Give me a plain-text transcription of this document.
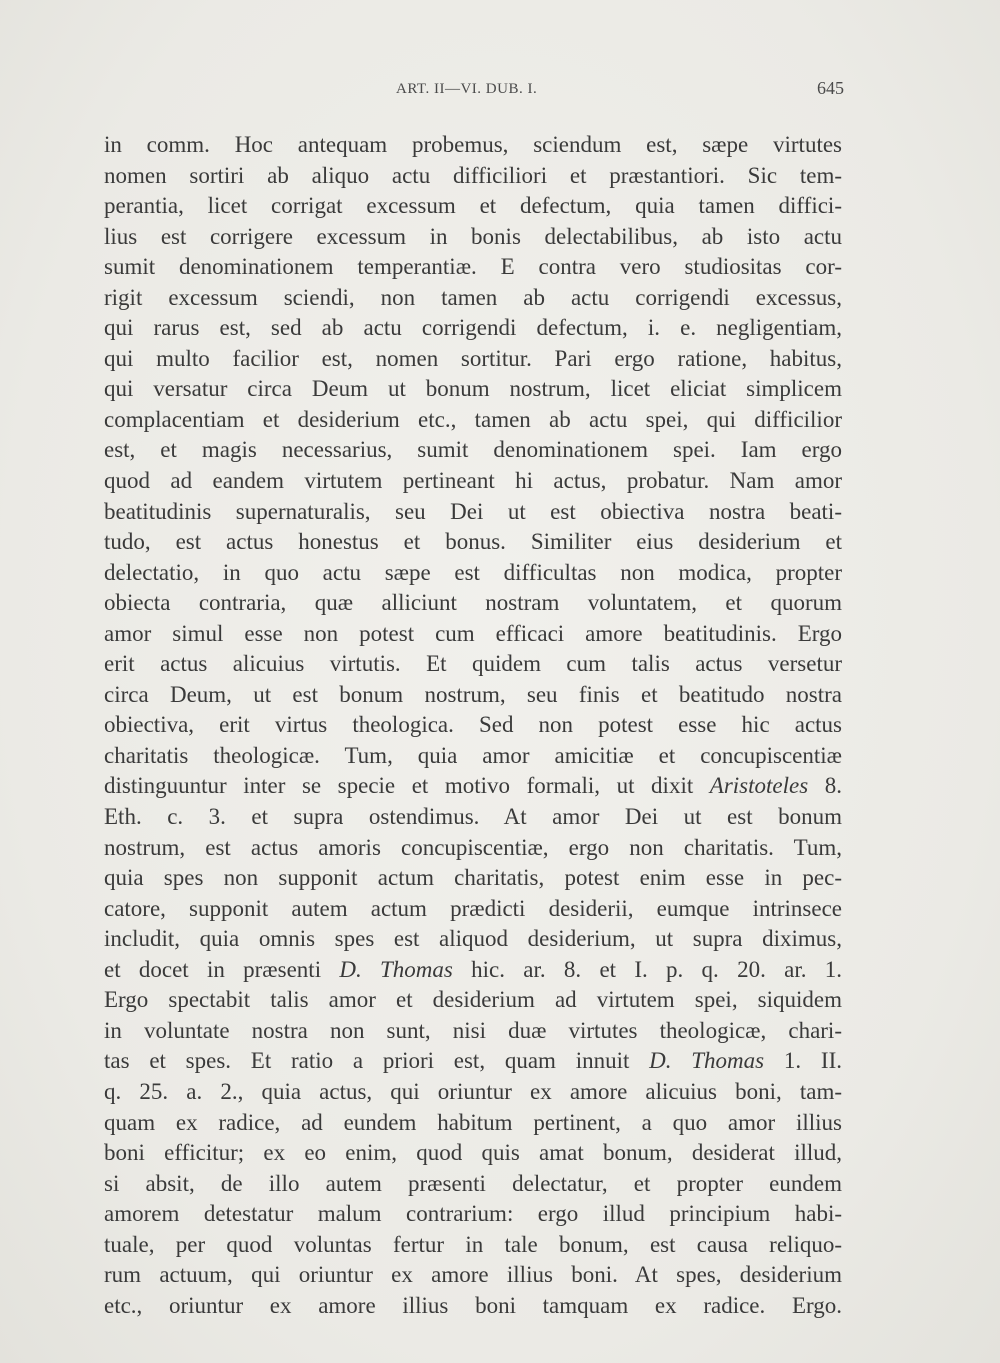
ART. II—VI. DUB. I.	645
in comm. Hoc antequam probemus, sciendum est, sæpe virtutes
nomen sortiri ab aliquo actu difficiliori et præstantiori. Sic tem-
perantia, licet corrigat excessum et defectum, quia tamen diffici-
lius est corrigere excessum in bonis delectabilibus, ab isto actu
sumit denominationem temperantiæ. E contra vero studiositas cor-
rigit excessum sciendi, non tamen ab actu corrigendi excessus,
qui rarus est, sed ab actu corrigendi defectum, i. e. negligentiam,
qui multo facilior est, nomen sortitur. Pari ergo ratione, habitus,
qui versatur circa Deum ut bonum nostrum, licet eliciat simplicem
complacentiam et desiderium etc., tamen ab actu spei, qui difficilior
est, et magis necessarius, sumit denominationem spei. Iam ergo
quod ad eandem virtutem pertineant hi actus, probatur. Nam amor
beatitudinis supernaturalis, seu Dei ut est obiectiva nostra beati-
tudo, est actus honestus et bonus. Similiter eius desiderium et
delectatio, in quo actu sæpe est difficultas non modica, propter
obiecta contraria, quæ alliciunt nostram voluntatem, et quorum
amor simul esse non potest cum efficaci amore beatitudinis. Ergo
erit actus alicuius virtutis. Et quidem cum talis actus versetur
circa Deum, ut est bonum nostrum, seu finis et beatitudo nostra
obiectiva, erit virtus theologica. Sed non potest esse hic actus
charitatis theologicæ. Tum, quia amor amicitiæ et concupiscentiæ
distinguuntur inter se specie et motivo formali, ut dixit Aristoteles 8.
Eth. c. 3. et supra ostendimus. At amor Dei ut est bonum
nostrum, est actus amoris concupiscentiæ, ergo non charitatis. Tum,
quia spes non supponit actum charitatis, potest enim esse in pec-
catore, supponit autem actum prædicti desiderii, eumque intrinsece
includit, quia omnis spes est aliquod desiderium, ut supra diximus,
et docet in præsenti D. Thomas hic. ar. 8. et I. p. q. 20. ar. 1.
Ergo spectabit talis amor et desiderium ad virtutem spei, siquidem
in voluntate nostra non sunt, nisi duæ virtutes theologicæ, chari-
tas et spes. Et ratio a priori est, quam innuit D. Thomas 1. II.
q. 25. a. 2., quia actus, qui oriuntur ex amore alicuius boni, tam-
quam ex radice, ad eundem habitum pertinent, a quo amor illius
boni efficitur; ex eo enim, quod quis amat bonum, desiderat illud,
si absit, de illo autem præsenti delectatur, et propter eundem
amorem detestatur malum contrarium: ergo illud principium habi-
tuale, per quod voluntas fertur in tale bonum, est causa reliquo-
rum actuum, qui oriuntur ex amore illius boni. At spes, desiderium
etc., oriuntur ex amore illius boni tamquam ex radice. Ergo.
